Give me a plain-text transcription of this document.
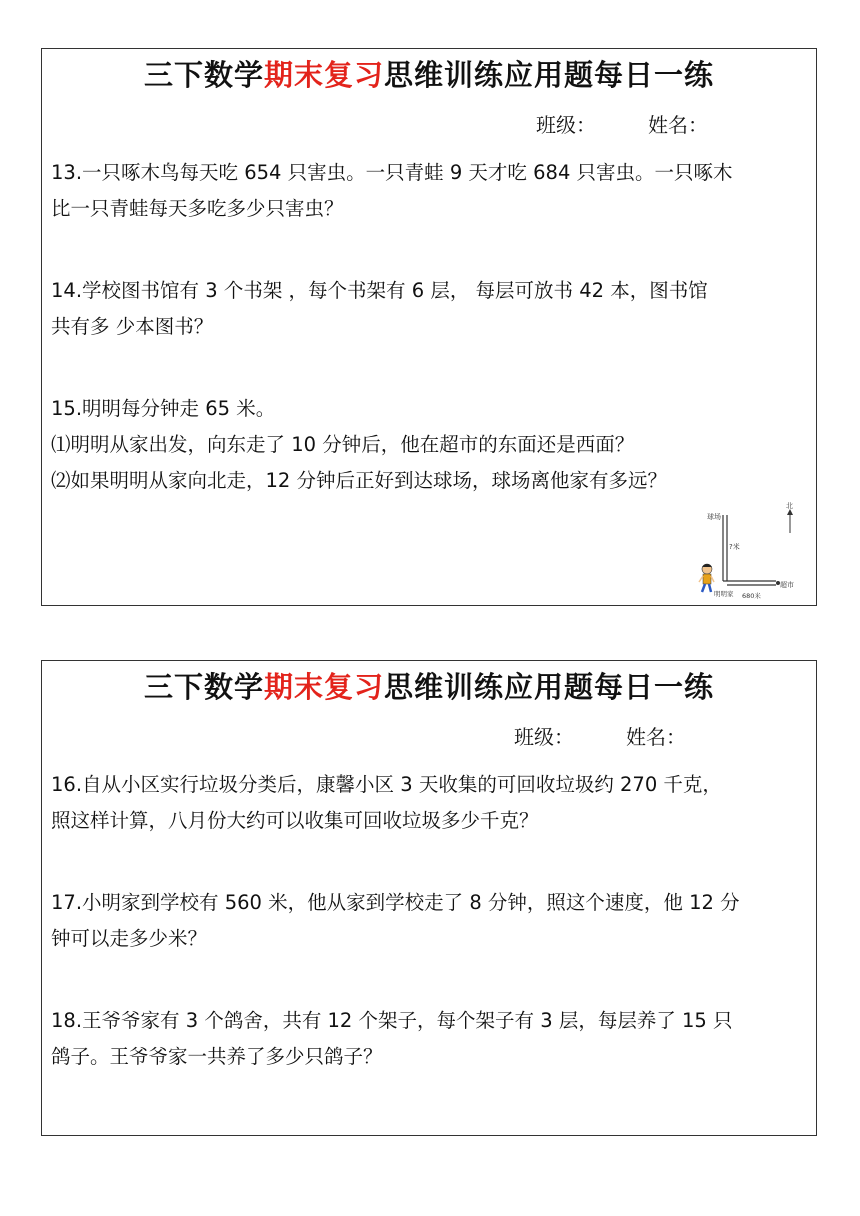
三下数学期末复习思维训练应用题每日一练
班级：	姓名：

13.一只啄木鸟每天吃 654 只害虫。一只青蛙 9 天才吃 684 只害虫。一只啄木

比一只青蛙每天多吃多少只害虫？

14.学校图书馆有 3 个书架 ，每个书架有 6 层， 每层可放书 42 本，图书馆

共有多 少本图书？

15.明明每分钟走 65 米。

⑴明明从家出发，向东走了 10 分钟后，他在超市的东面还是西面？

⑵如果明明从家向北走，12 分钟后正好到达球场，球场离他家有多远？

北
球场
?米
超市
明明家 680米
三下数学期末复习思维训练应用题每日一练
班级：	姓名：

16.自从小区实行垃圾分类后，康馨小区 3 天收集的可回收垃圾约 270 千克，

照这样计算，八月份大约可以收集可回收垃圾多少千克？

17.小明家到学校有 560 米，他从家到学校走了 8 分钟，照这个速度，他 12 分

钟可以走多少米？

18.王爷爷家有 3 个鸽舍，共有 12 个架子，每个架子有 3 层，每层养了 15 只

鸽子。王爷爷家一共养了多少只鸽子？
